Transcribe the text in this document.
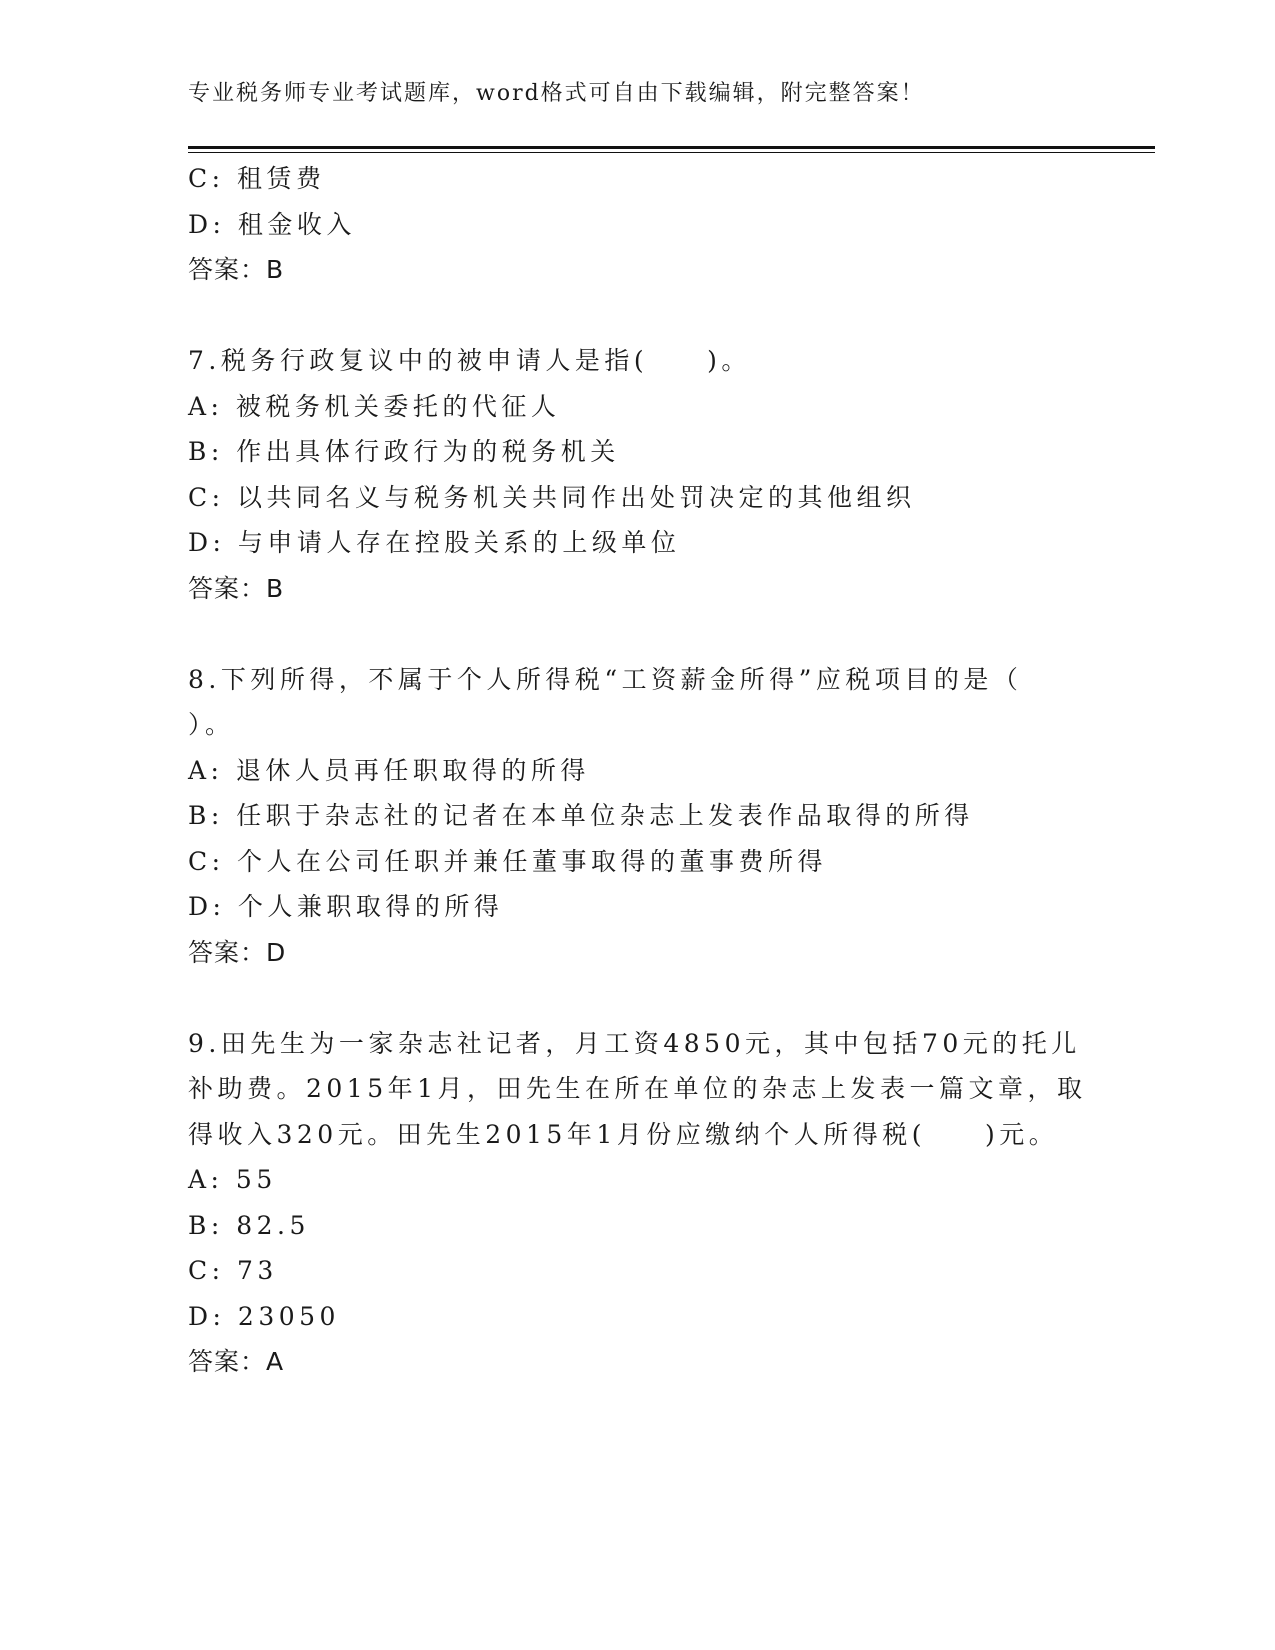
专业税务师专业考试题库，word格式可自由下载编辑，附完整答案！
C: 租赁费
D: 租金收入
答案：B
7.税务行政复议中的被申请人是指(　　)。
A: 被税务机关委托的代征人
B: 作出具体行政行为的税务机关
C: 以共同名义与税务机关共同作出处罚决定的其他组织
D: 与申请人存在控股关系的上级单位
答案：B
8.下列所得，不属于个人所得税“工资薪金所得”应税项目的是（
）。
A: 退休人员再任职取得的所得
B: 任职于杂志社的记者在本单位杂志上发表作品取得的所得
C: 个人在公司任职并兼任董事取得的董事费所得
D: 个人兼职取得的所得
答案：D
9.田先生为一家杂志社记者，月工资4850元，其中包括70元的托儿
补助费。2015年1月，田先生在所在单位的杂志上发表一篇文章，取
得收入320元。田先生2015年1月份应缴纳个人所得税(　　)元。
A: 55
B: 82.5
C: 73
D: 23050
答案：A
